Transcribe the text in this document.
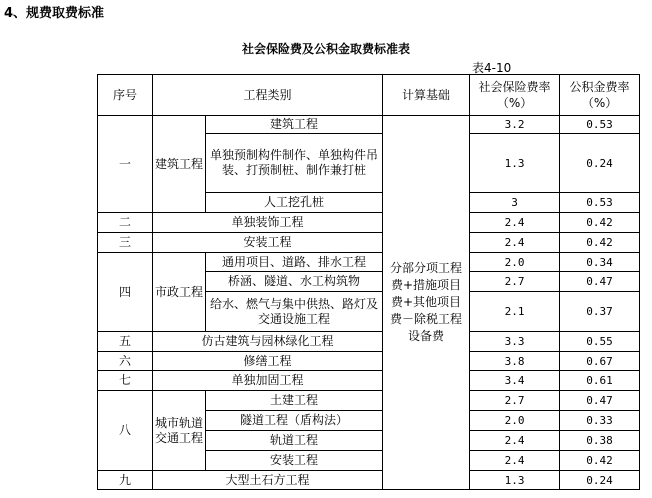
4、规费取费标准
社会保险费及公积金取费标准表
表4-10
序号	工程类别		计算基础	社会保险费率（%）	公积金费率（%）
一	建筑工程	建筑工程	分部分项工程费+措施项目费+其他项目费－除税工程设备费	3.2	0.53
		单独预制构件制作、单独构件吊装、打预制桩、制作兼打桩		1.3	0.24
		人工挖孔桩		3	0.53
二	单独装饰工程			2.4	0.42
三	安装工程			2.4	0.42
四	市政工程	通用项目、道路、排水工程		2.0	0.34
		桥涵、隧道、水工构筑物		2.7	0.47
		给水、燃气与集中供热、路灯及交通设施工程		2.1	0.37
五	仿古建筑与园林绿化工程			3.3	0.55
六	修缮工程			3.8	0.67
七	单独加固工程			3.4	0.61
八	城市轨道交通工程	土建工程		2.7	0.47
		隧道工程（盾构法）		2.0	0.33
		轨道工程		2.4	0.38
		安装工程		2.4	0.42
九	大型土石方工程			1.3	0.24
